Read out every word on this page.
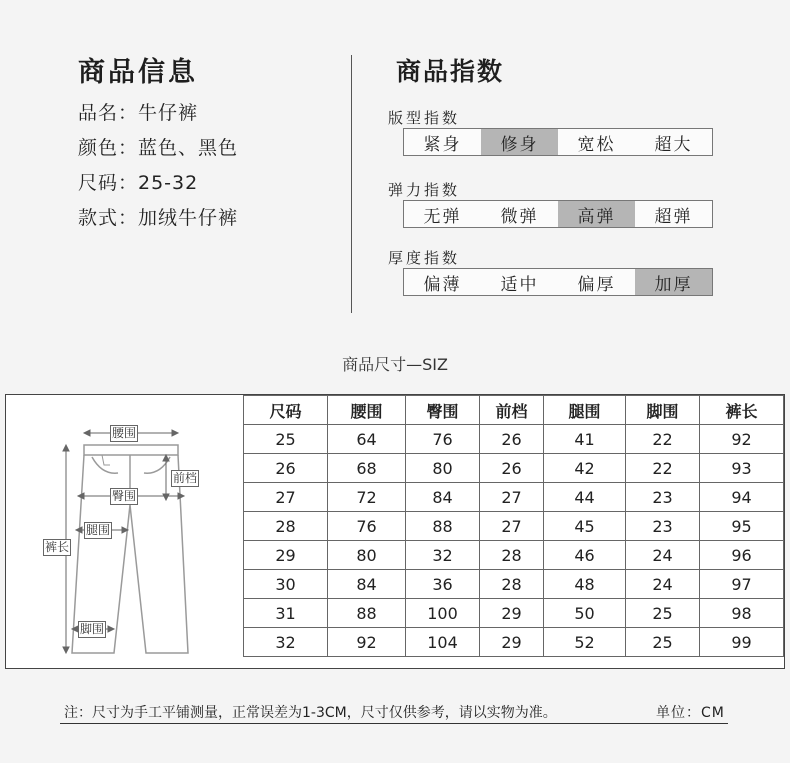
商品信息
品名：牛仔裤
颜色：蓝色、黑色
尺码：25-32
款式：加绒牛仔裤
商品指数
版型指数
紧身	修身	宽松	超大
弹力指数
无弹	微弹	高弹	超弹
厚度指数
偏薄	适中	偏厚	加厚
商品尺寸—SIZ
腰围
前档
臀围
腿围
裤长
脚围
尺码	腰围	臀围	前档	腿围	脚围	裤长
25	64	76	26	41	22	92
26	68	80	26	42	22	93
27	72	84	27	44	23	94
28	76	88	27	45	23	95
29	80	32	28	46	24	96
30	84	36	28	48	24	97
31	88	100	29	50	25	98
32	92	104	29	52	25	99
注：尺寸为手工平铺测量，正常误差为1-3CM，尺寸仅供参考，请以实物为准。	单位：CM
